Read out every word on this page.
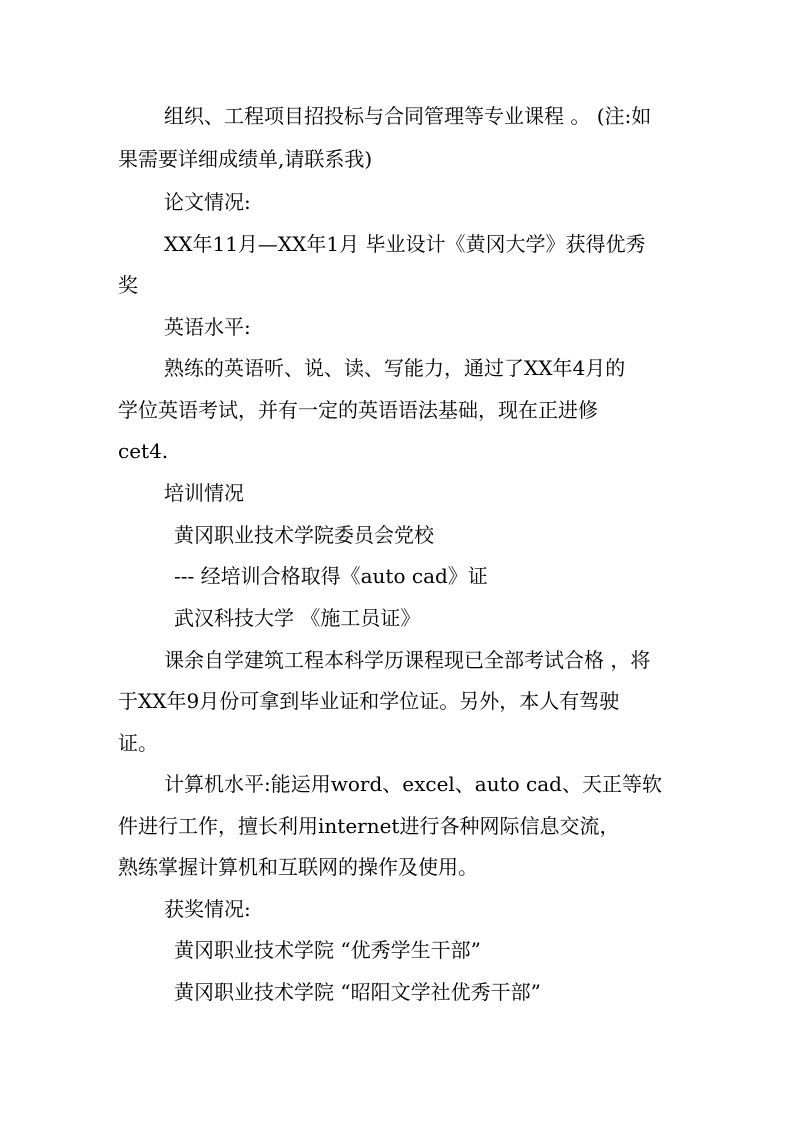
组织、工程项目招投标与合同管理等专业课程 。 (注:如
果需要详细成绩单,请联系我)
论文情况:
XX年11月—XX年1月 毕业设计《黄冈大学》获得优秀
奖
英语水平:
熟练的英语听、说、读、写能力，通过了XX年4月的
学位英语考试，并有一定的英语语法基础，现在正进修
cet4.
培训情况
黄冈职业技术学院委员会党校
--- 经培训合格取得《auto cad》证
武汉科技大学 《施工员证》
课余自学建筑工程本科学历课程现已全部考试合格 ，将
于XX年9月份可拿到毕业证和学位证。另外，本人有驾驶
证。
计算机水平:能运用word、excel、auto cad、天正等软
件进行工作，擅长利用internet进行各种网际信息交流，
熟练掌握计算机和互联网的操作及使用。
获奖情况:
黄冈职业技术学院 “优秀学生干部”
黄冈职业技术学院 “昭阳文学社优秀干部”
